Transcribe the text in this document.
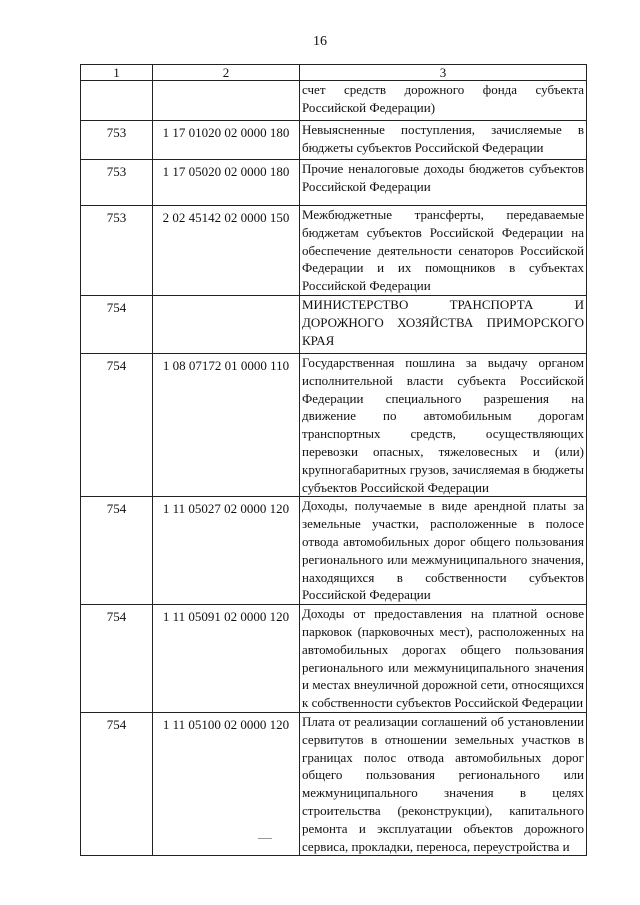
16
1	2	3
		счет средств дорожного фонда субъекта Российской Федерации)
753	1 17 01020 02 0000 180	Невыясненные поступления, зачисляемые в бюджеты субъектов Российской Федерации
753	1 17 05020 02 0000 180	Прочие неналоговые доходы бюджетов субъектов Российской Федерации
753	2 02 45142 02 0000 150	Межбюджетные трансферты, передаваемые бюджетам субъектов Российской Федерации на обеспечение деятельности сенаторов Российской Федерации и их помощников в субъектах Российской Федерации
754		МИНИСТЕРСТВО ТРАНСПОРТА И ДОРОЖНОГО ХОЗЯЙСТВА ПРИМОРСКОГО КРАЯ
754	1 08 07172 01 0000 110	Государственная пошлина за выдачу органом исполнительной власти субъекта Российской Федерации специального разрешения на движение по автомобильным дорогам транспортных средств, осуществляющих перевозки опасных, тяжеловесных и (или) крупногабаритных грузов, зачисляемая в бюджеты субъектов Российской Федерации
754	1 11 05027 02 0000 120	Доходы, получаемые в виде арендной платы за земельные участки, расположенные в полосе отвода автомобильных дорог общего пользования регионального или межмуниципального значения, находящихся в собственности субъектов Российской Федерации
754	1 11 05091 02 0000 120	Доходы от предоставления на платной основе парковок (парковочных мест), расположенных на автомобильных дорогах общего пользования регионального или межмуниципального значения и местах внеуличной дорожной сети, относящихся к собственности субъектов Российской Федерации
754	1 11 05100 02 0000 120	Плата от реализации соглашений об установлении сервитутов в отношении земельных участков в границах полос отвода автомобильных дорог общего пользования регионального или межмуниципального значения в целях строительства (реконструкции), капитального ремонта и эксплуатации объектов дорожного сервиса, прокладки, переноса, переустройства и
